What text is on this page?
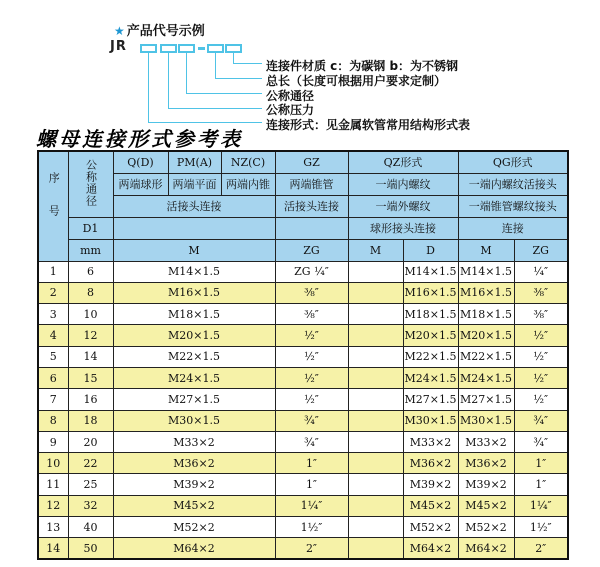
★ 产品代号示例
JR
连接件材质 c：为碳钢 b：为不锈钢
总长（长度可根据用户要求定制）
公称通径
公称压力
连接形式：见金属软管常用结构形式表
螺母连接形式参考表
序号	公称通径	Q(D)	PM(A)	NZ(C)	GZ	QZ形式		QG形式	
		两端球形	两端平面	两端内锥	两端锥管	一端内螺纹		一端内螺纹活接头	
		活接头连接			活接头连接	一端外螺纹		一端锥管螺纹接头	
	D1					球形接头连接		连接	
	mm	M			ZG	M	D	M	ZG
1	6	M14×1.5			ZG ¼″		M14×1.5	M14×1.5	¼″
2	8	M16×1.5			⅜″		M16×1.5	M16×1.5	⅜″
3	10	M18×1.5			⅜″		M18×1.5	M18×1.5	⅜″
4	12	M20×1.5			½″		M20×1.5	M20×1.5	½″
5	14	M22×1.5			½″		M22×1.5	M22×1.5	½″
6	15	M24×1.5			½″		M24×1.5	M24×1.5	½″
7	16	M27×1.5			½″		M27×1.5	M27×1.5	½″
8	18	M30×1.5			¾″		M30×1.5	M30×1.5	¾″
9	20	M33×2			¾″		M33×2	M33×2	¾″
10	22	M36×2			1″		M36×2	M36×2	1″
11	25	M39×2			1″		M39×2	M39×2	1″
12	32	M45×2			1¼″		M45×2	M45×2	1¼″
13	40	M52×2			1½″		M52×2	M52×2	1½″
14	50	M64×2			2″		M64×2	M64×2	2″
